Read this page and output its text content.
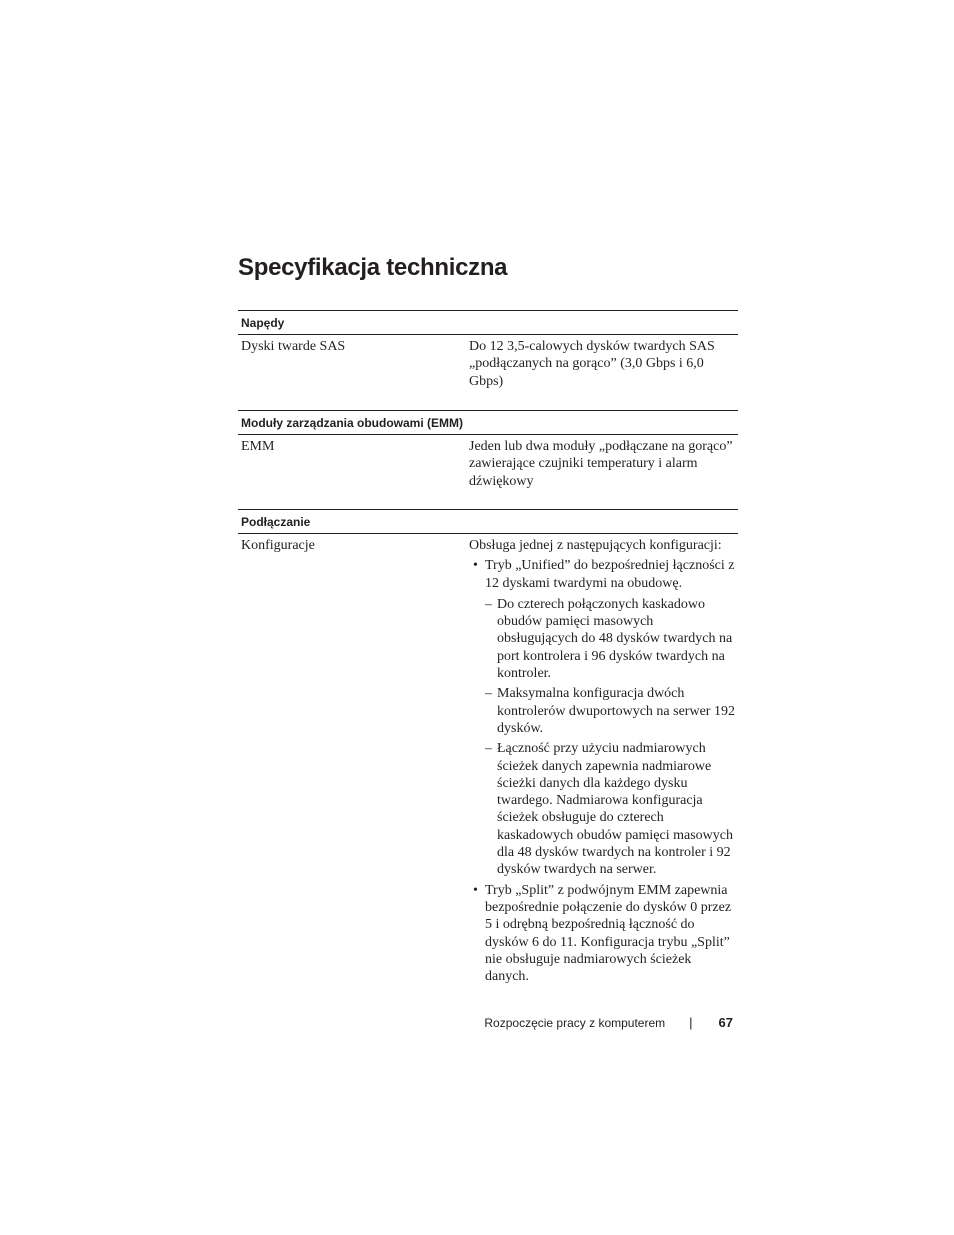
Specyfikacja techniczna
Napędy
Dyski twarde SAS	Do 12 3,5-calowych dysków twardych SAS „podłączanych na gorąco” (3,0 Gbps i 6,0 Gbps)
Moduły zarządzania obudowami (EMM)
EMM	Jeden lub dwa moduły „podłączane na gorąco” zawierające czujniki temperatury i alarm dźwiękowy
Podłączanie
Konfiguracje	Obsługa jednej z następujących konfiguracji:
• Tryb „Unified” do bezpośredniej łączności z 12 dyskami twardymi na obudowę.
– Do czterech połączonych kaskadowo obudów pamięci masowych obsługujących do 48 dysków twardych na port kontrolera i 96 dysków twardych na kontroler.
– Maksymalna konfiguracja dwóch kontrolerów dwuportowych na serwer 192 dysków.
– Łączność przy użyciu nadmiarowych ścieżek danych zapewnia nadmiarowe ścieżki danych dla każdego dysku twardego. Nadmiarowa konfiguracja ścieżek obsługuje do czterech kaskadowych obudów pamięci masowych dla 48 dysków twardych na kontroler i 92 dysków twardych na serwer.
• Tryb „Split” z podwójnym EMM zapewnia bezpośrednie połączenie do dysków 0 przez 5 i odrębną bezpośrednią łączność do dysków 6 do 11. Konfiguracja trybu „Split” nie obsługuje nadmiarowych ścieżek danych.
Rozpoczęcie pracy z komputerem | 67
